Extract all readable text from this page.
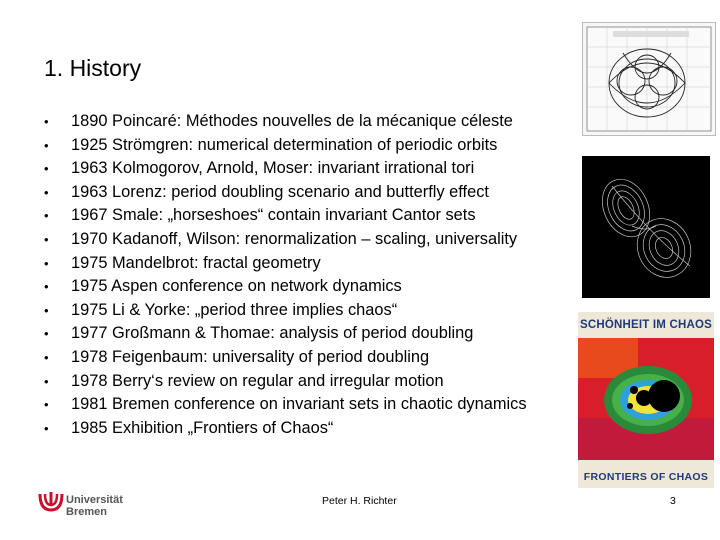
1. History
• 1890 Poincaré: Méthodes nouvelles de la mécanique céleste
• 1925 Strömgren: numerical determination of periodic orbits
• 1963 Kolmogorov, Arnold, Moser: invariant irrational tori
• 1963 Lorenz: period doubling scenario and butterfly effect
• 1967 Smale: „horseshoes“ contain invariant Cantor sets
• 1970 Kadanoff, Wilson: renormalization – scaling, universality
• 1975 Mandelbrot: fractal geometry
• 1975 Aspen conference on network dynamics
• 1975 Li & Yorke: „period three implies chaos“
• 1977 Großmann & Thomae: analysis of period doubling
• 1978 Feigenbaum: universality of period doubling
• 1978 Berry‘s review on regular and irregular motion
• 1981 Bremen conference on invariant sets in chaotic dynamics
• 1985 Exhibition „Frontiers of Chaos“
SCHÖNHEIT IM CHAOS
FRONTIERS OF CHAOS
Universität Bremen
Peter H. Richter	3
